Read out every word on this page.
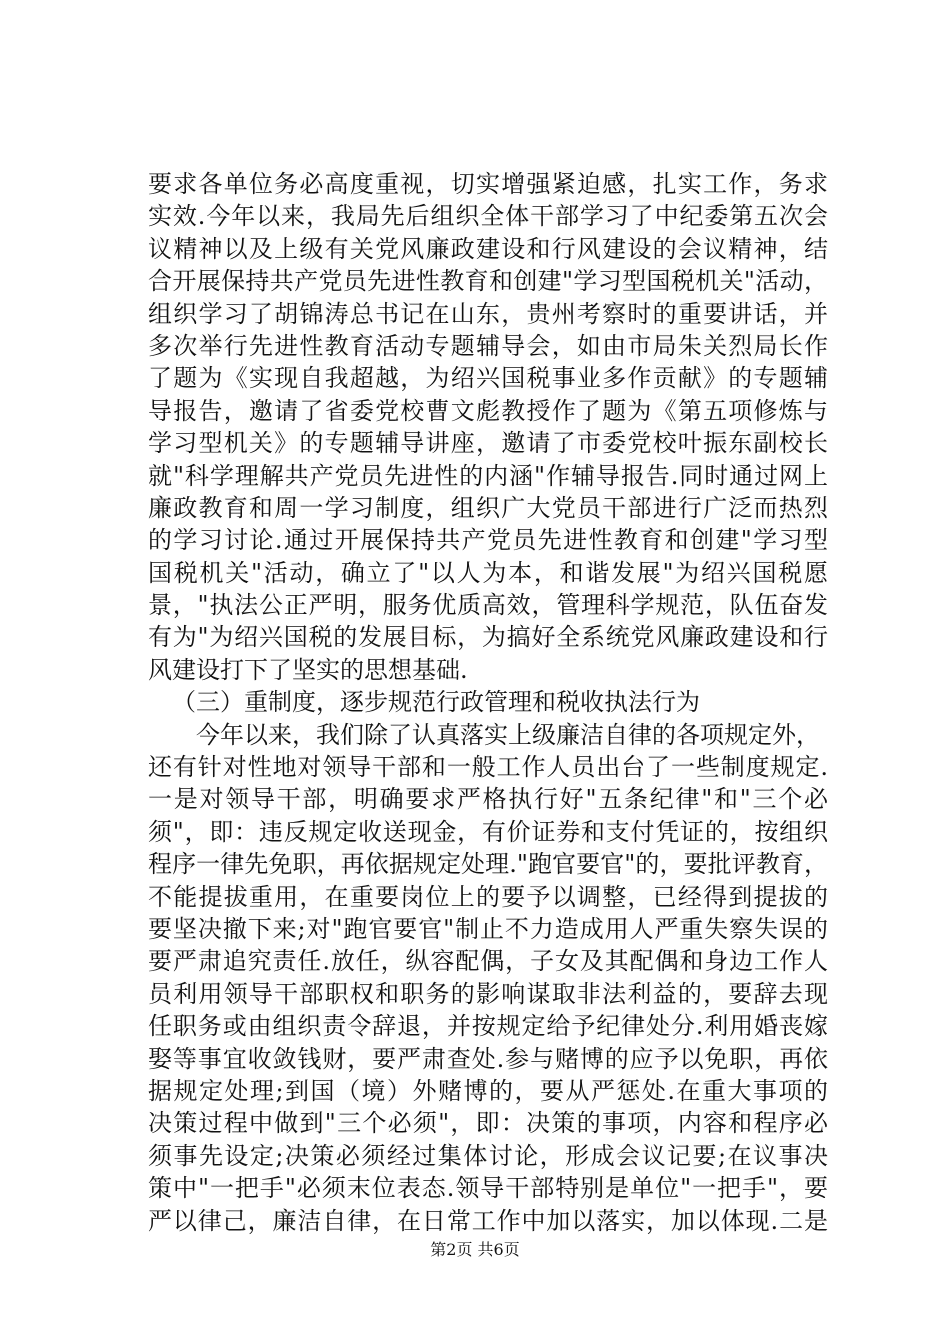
要求各单位务必高度重视，切实增强紧迫感，扎实工作，务求
实效.今年以来，我局先后组织全体干部学习了中纪委第五次会
议精神以及上级有关党风廉政建设和行风建设的会议精神，结
合开展保持共产党员先进性教育和创建"学习型国税机关"活动，
组织学习了胡锦涛总书记在山东，贵州考察时的重要讲话，并
多次举行先进性教育活动专题辅导会，如由市局朱关烈局长作
了题为《实现自我超越，为绍兴国税事业多作贡献》的专题辅
导报告，邀请了省委党校曹文彪教授作了题为《第五项修炼与
学习型机关》的专题辅导讲座，邀请了市委党校叶振东副校长
就"科学理解共产党员先进性的内涵"作辅导报告.同时通过网上
廉政教育和周一学习制度，组织广大党员干部进行广泛而热烈
的学习讨论.通过开展保持共产党员先进性教育和创建"学习型
国税机关"活动，确立了"以人为本，和谐发展"为绍兴国税愿
景，"执法公正严明，服务优质高效，管理科学规范，队伍奋发
有为"为绍兴国税的发展目标，为搞好全系统党风廉政建设和行
风建设打下了坚实的思想基础.
（三）重制度，逐步规范行政管理和税收执法行为
今年以来，我们除了认真落实上级廉洁自律的各项规定外，
还有针对性地对领导干部和一般工作人员出台了一些制度规定.
一是对领导干部，明确要求严格执行好"五条纪律"和"三个必
须"，即：违反规定收送现金，有价证券和支付凭证的，按组织
程序一律先免职，再依据规定处理."跑官要官"的，要批评教育，
不能提拔重用，在重要岗位上的要予以调整，已经得到提拔的
要坚决撤下来;对"跑官要官"制止不力造成用人严重失察失误的
要严肃追究责任.放任，纵容配偶，子女及其配偶和身边工作人
员利用领导干部职权和职务的影响谋取非法利益的，要辞去现
任职务或由组织责令辞退，并按规定给予纪律处分.利用婚丧嫁
娶等事宜收敛钱财，要严肃查处.参与赌博的应予以免职，再依
据规定处理;到国（境）外赌博的，要从严惩处.在重大事项的
决策过程中做到"三个必须"，即：决策的事项，内容和程序必
须事先设定;决策必须经过集体讨论，形成会议记要;在议事决
策中"一把手"必须末位表态.领导干部特别是单位"一把手"，要
严以律己，廉洁自律，在日常工作中加以落实，加以体现.二是
第2页 共6页
